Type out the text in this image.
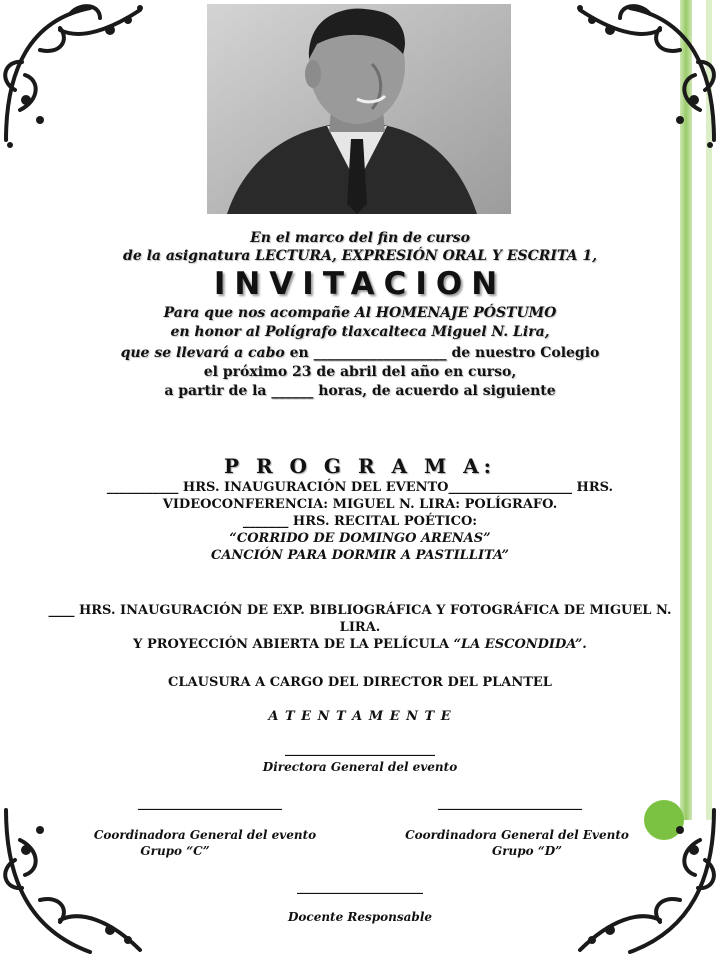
En el marco del fin de curso
de la asignatura LECTURA, EXPRESIÓN ORAL Y ESCRITA 1,
INVITACION
Para que nos acompañe Al HOMENAJE PÓSTUMO
en honor al Polígrafo tlaxcalteca Miguel N. Lira,
que se llevará a cabo en ___________________ de nuestro Colegio
el próximo 23 de abril del año en curso,
a partir de la ______ horas, de acuerdo al siguiente
P R O G R A M A:
___________ HRS. INAUGURACIÓN DEL EVENTO___________________ HRS.
VIDEOCONFERENCIA: MIGUEL N. LIRA: POLÍGRAFO.
_______ HRS. RECITAL POÉTICO:
“CORRIDO DE DOMINGO ARENAS”
CANCIÓN PARA DORMIR A PASTILLITA”
____ HRS. INAUGURACIÓN DE EXP. BIBLIOGRÁFICA Y FOTOGRÁFICA DE MIGUEL N.
LIRA.
Y PROYECCIÓN ABIERTA DE LA PELÍCULA “LA ESCONDIDA”.
CLAUSURA A CARGO DEL DIRECTOR DEL PLANTEL
A T E N T A M E N T E
_________________________
Directora General del evento
________________________	________________________
Coordinadora General del evento
Grupo “C”
Coordinadora General del Evento
Grupo “D”
_____________________
Docente Responsable
